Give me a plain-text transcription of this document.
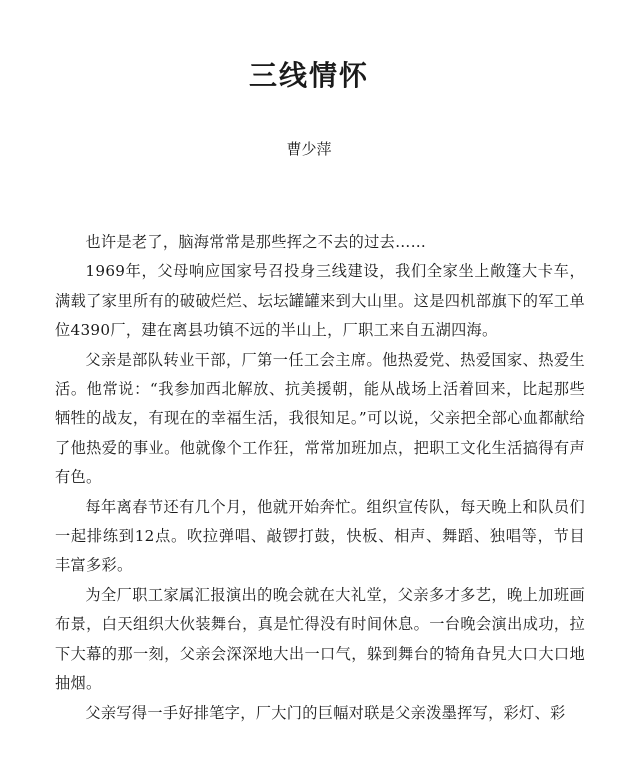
三线情怀
曹少萍

也许是老了，脑海常常是那些挥之不去的过去……

1969年，父母响应国家号召投身三线建设，我们全家坐上敞篷大卡车，满载了家里所有的破破烂烂、坛坛罐罐来到大山里。这是四机部旗下的军工单位4390厂，建在离县功镇不远的半山上，厂职工来自五湖四海。

父亲是部队转业干部，厂第一任工会主席。他热爱党、热爱国家、热爱生活。他常说：“我参加西北解放、抗美援朝，能从战场上活着回来，比起那些牺牲的战友，有现在的幸福生活，我很知足。”可以说，父亲把全部心血都献给了他热爱的事业。他就像个工作狂，常常加班加点，把职工文化生活搞得有声有色。

每年离春节还有几个月，他就开始奔忙。组织宣传队，每天晚上和队员们一起排练到12点。吹拉弹唱、敲锣打鼓，快板、相声、舞蹈、独唱等，节目丰富多彩。

为全厂职工家属汇报演出的晚会就在大礼堂，父亲多才多艺，晚上加班画布景，白天组织大伙装舞台，真是忙得没有时间休息。一台晚会演出成功，拉下大幕的那一刻，父亲会深深地大出一口气，躲到舞台的犄角旮旯大口大口地抽烟。

父亲写得一手好排笔字，厂大门的巨幅对联是父亲泼墨挥写，彩灯、彩
